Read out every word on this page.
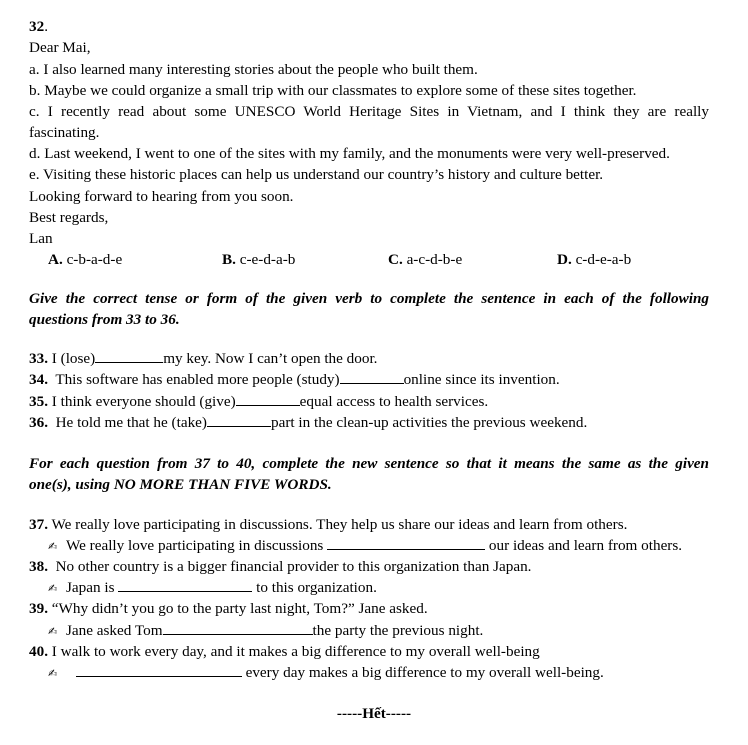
32.
Dear Mai,
a. I also learned many interesting stories about the people who built them.
b. Maybe we could organize a small trip with our classmates to explore some of these sites together.
c. I recently read about some UNESCO World Heritage Sites in Vietnam, and I think they are really
fascinating.
d. Last weekend, I went to one of the sites with my family, and the monuments were very well-preserved.
e. Visiting these historic places can help us understand our country’s history and culture better.
Looking forward to hearing from you soon.
Best regards,
Lan
A. c-b-a-d-e	B. c-e-d-a-b	C. a-c-d-b-e	D. c-d-e-a-b
Give the correct tense or form of the given verb to complete the sentence in each of the following
questions from 33 to 36.
33. I (lose)	my key. Now I can’t open the door.
34. This software has enabled more people (study)	online since its invention.
35. I think everyone should (give)	equal access to health services.
36. He told me that he (take)	part in the clean-up activities the previous weekend.
For each question from 37 to 40, complete the new sentence so that it means the same as the given
one(s), using NO MORE THAN FIVE WORDS.
37. We really love participating in discussions. They help us share our ideas and learn from others.
✍ We really love participating in discussions	our ideas and learn from others.
38. No other country is a bigger financial provider to this organization than Japan.
✍ Japan is	to this organization.
39. “Why didn’t you go to the party last night, Tom?” Jane asked.
✍ Jane asked Tom	the party the previous night.
40. I walk to work every day, and it makes a big difference to my overall well-being
✍	every day makes a big difference to my overall well-being.
-----Hết-----
